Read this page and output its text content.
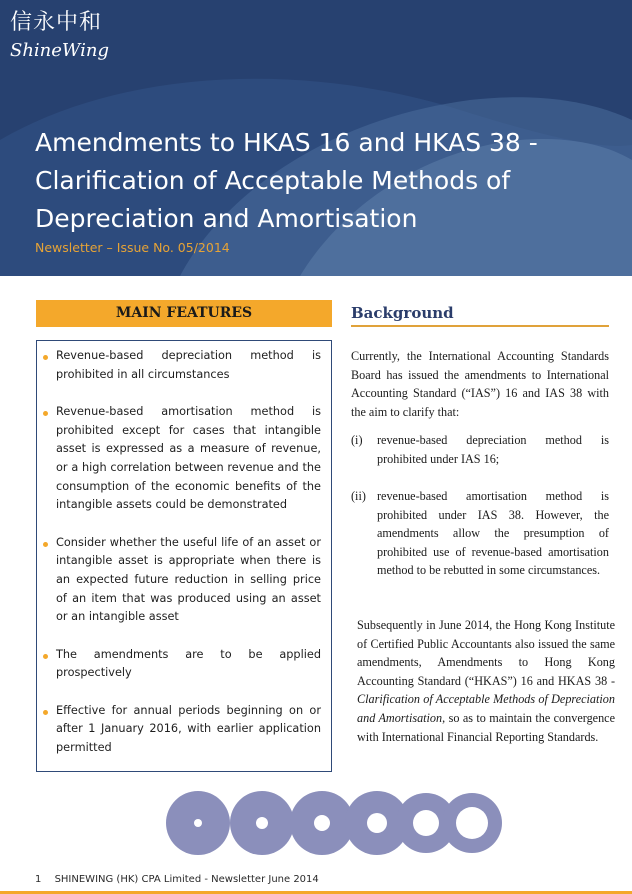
信永中和
ShineWing
Amendments to HKAS 16 and HKAS 38 -
Clarification of Acceptable Methods of
Depreciation and Amortisation
Newsletter – Issue No. 05/2014
MAIN FEATURES
Revenue-based depreciation method is prohibited in all circumstances
Revenue-based amortisation method is prohibited except for cases that intangible asset is expressed as a measure of revenue, or a high correlation between revenue and the consumption of the economic benefits of the intangible assets could be demonstrated
Consider whether the useful life of an asset or intangible asset is appropriate when there is an expected future reduction in selling price of an item that was produced using an asset or an intangible asset
The amendments are to be applied prospectively
Effective for annual periods beginning on or after 1 January 2016, with earlier application permitted
Background

Currently, the International Accounting Standards Board has issued the amendments to International Accounting Standard (“IAS”) 16 and IAS 38 with the aim to clarify that:

(i) revenue-based depreciation method is prohibited under IAS 16;
(ii) revenue-based amortisation method is prohibited under IAS 38. However, the amendments allow the presumption of prohibited use of revenue-based amortisation method to be rebutted in some circumstances.

Subsequently in June 2014, the Hong Kong Institute of Certified Public Accountants also issued the same amendments, Amendments to Hong Kong Accounting Standard (“HKAS”) 16 and HKAS 38 - Clarification of Acceptable Methods of Depreciation and Amortisation, so as to maintain the convergence with International Financial Reporting Standards.

1 SHINEWING (HK) CPA Limited - Newsletter June 2014
